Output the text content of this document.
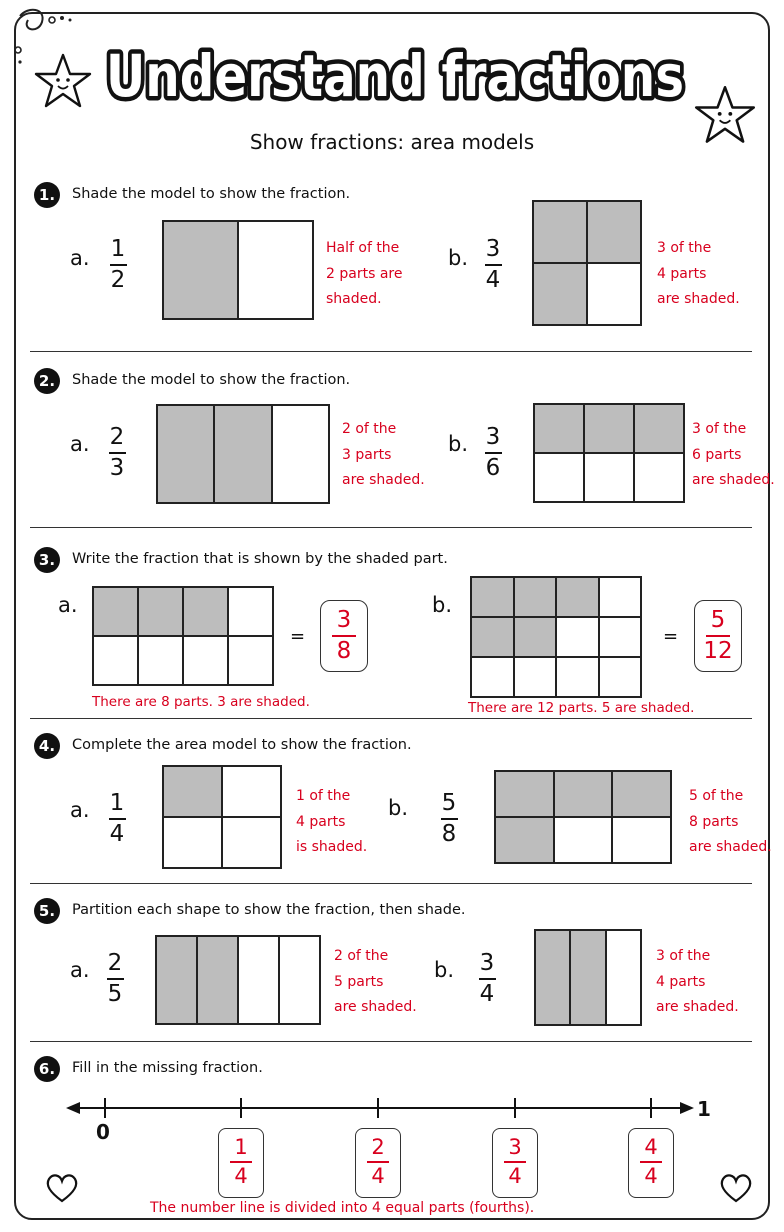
Understand fractions
Show fractions: area models
1.	Shade the model to show the fraction.
a. 1
2
Half of the
2 parts are
shaded.
b. 3
4
3 of the
4 parts
are shaded.
2.	Shade the model to show the fraction.
a. 2
3
2 of the
3 parts
are shaded.
b. 3
6
3 of the
6 parts
are shaded.
3.	Write the fraction that is shown by the shaded part.
a.
=
3
8
There are 8 parts. 3 are shaded.
b.
=
5
12
There are 12 parts. 5 are shaded.
4.	Complete the area model to show the fraction.
a. 1
4
1 of the
4 parts
is shaded.
b. 5
8
5 of the
8 parts
are shaded.
5.	Partition each shape to show the fraction, then shade.
a. 2
5
2 of the
5 parts
are shaded.
b. 3
4
3 of the
4 parts
are shaded.
6.	Fill in the missing fraction.
0
1
1
4
2
4
3
4
4
4
The number line is divided into 4 equal parts (fourths).
